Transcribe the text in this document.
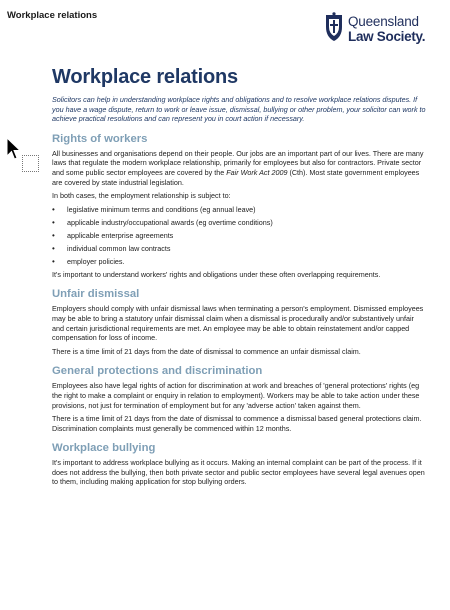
Workplace relations	Queensland
Law Society.
Workplace relations

Solicitors can help in understanding workplace rights and obligations and to resolve workplace relations disputes. If you have a wage dispute, return to work or leave issue, dismissal, bullying or other problem, your solicitor can work to achieve practical resolutions and can represent you in court action if necessary.

Rights of workers

All businesses and organisations depend on their people. Our jobs are an important part of our lives. There are many laws that regulate the modern workplace relationship, primarily for employees but also for contractors. Private sector and some public sector employees are covered by the Fair Work Act 2009 (Cth). Most state government employees are covered by state industrial legislation.

In both cases, the employment relationship is subject to:

• legislative minimum terms and conditions (eg annual leave)
• applicable industry/occupational awards (eg overtime conditions)
• applicable enterprise agreements
• individual common law contracts
• employer policies.

It's important to understand workers' rights and obligations under these often overlapping requirements.

Unfair dismissal

Employers should comply with unfair dismissal laws when terminating a person's employment. Dismissed employees may be able to bring a statutory unfair dismissal claim when a dismissal is procedurally and/or substantively unfair and certain jurisdictional requirements are met. An employee may be able to obtain reinstatement and/or capped compensation for loss of income.

There is a time limit of 21 days from the date of dismissal to commence an unfair dismissal claim.

General protections and discrimination

Employees also have legal rights of action for discrimination at work and breaches of 'general protections' rights (eg the right to make a complaint or enquiry in relation to employment). Workers may be able to take action under these provisions, not just for termination of employment but for any 'adverse action' taken against them.

There is a time limit of 21 days from the date of dismissal to commence a dismissal based general protections claim. Discrimination complaints must generally be commenced within 12 months.

Workplace bullying

It's important to address workplace bullying as it occurs. Making an internal complaint can be part of the process. If it does not address the bullying, then both private sector and public sector employees have several legal avenues open to them, including making application for stop bullying orders.
